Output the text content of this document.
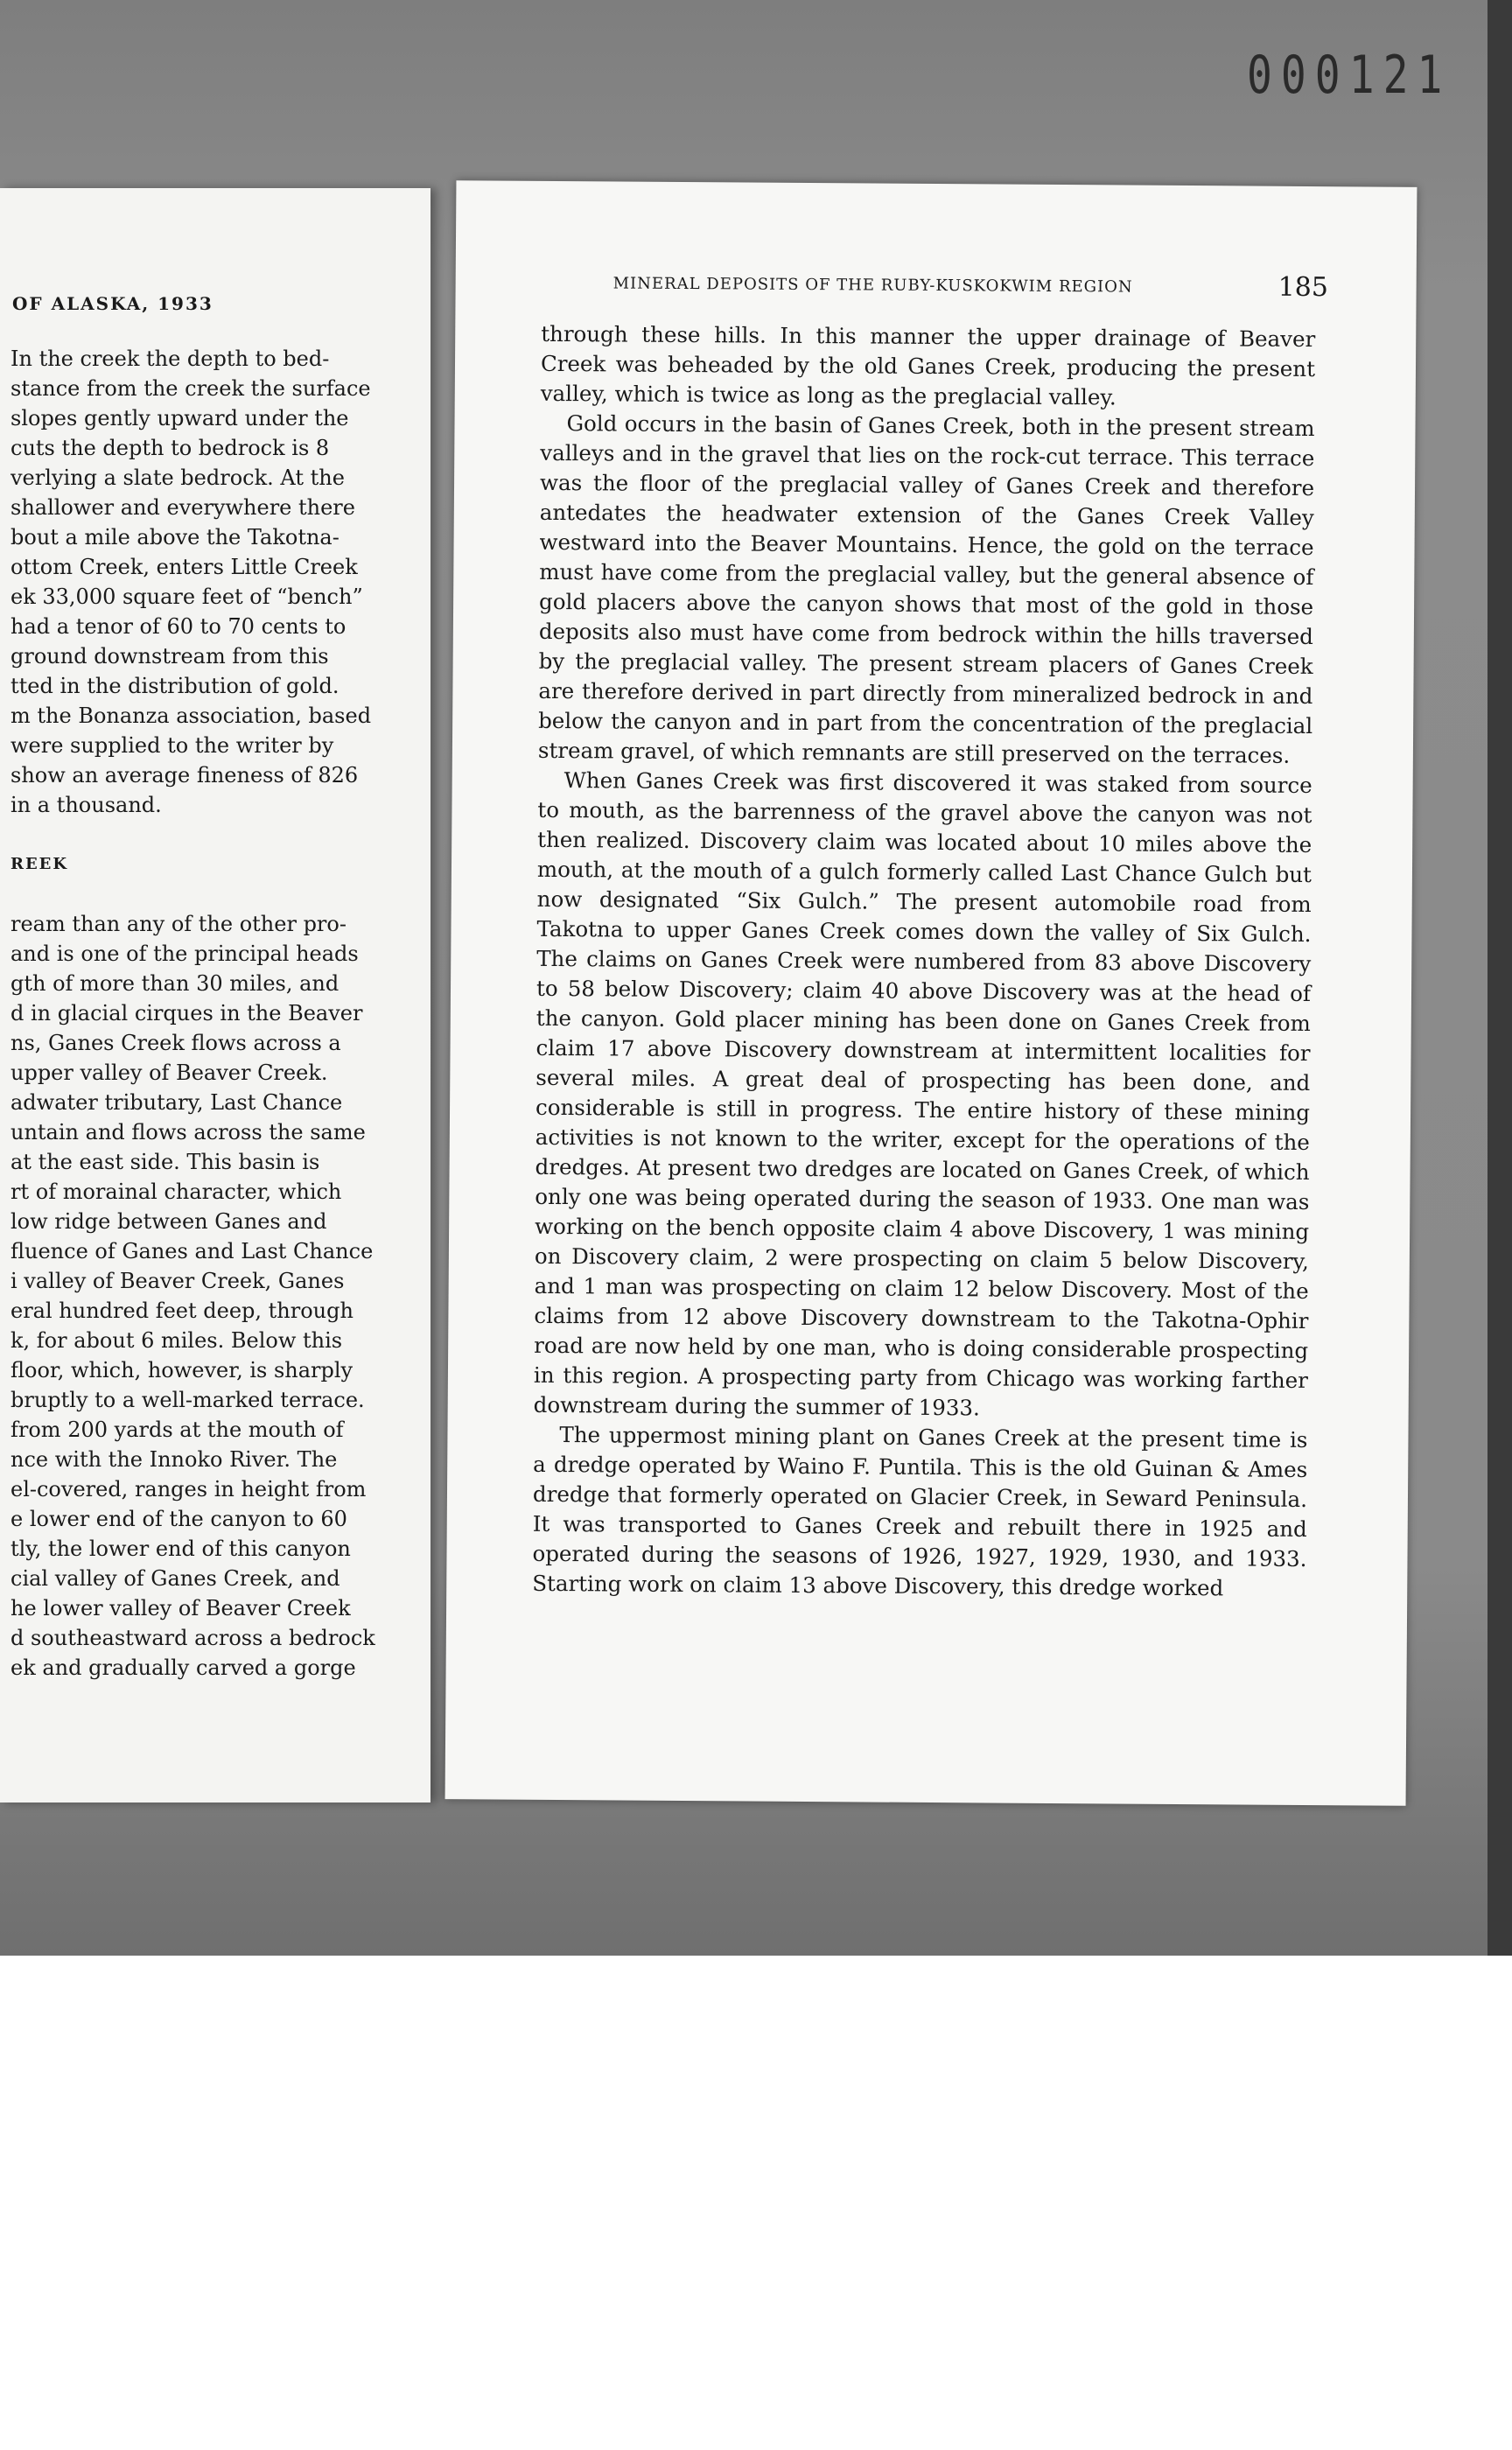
000121
OF ALASKA, 1933
In the creek the depth to bed-
stance from the creek the surface
slopes gently upward under the
cuts the depth to bedrock is 8
verlying a slate bedrock. At the
shallower and everywhere there
bout a mile above the Takotna-
ottom Creek, enters Little Creek
ek 33,000 square feet of “bench”
had a tenor of 60 to 70 cents to
ground downstream from this
tted in the distribution of gold.
m the Bonanza association, based
were supplied to the writer by
show an average fineness of 826
in a thousand.
REEK
ream than any of the other pro-
and is one of the principal heads
gth of more than 30 miles, and
d in glacial cirques in the Beaver
ns, Ganes Creek flows across a
upper valley of Beaver Creek.
adwater tributary, Last Chance
untain and flows across the same
at the east side. This basin is
rt of morainal character, which
low ridge between Ganes and
fluence of Ganes and Last Chance
i valley of Beaver Creek, Ganes
eral hundred feet deep, through
k, for about 6 miles. Below this
floor, which, however, is sharply
bruptly to a well-marked terrace.
from 200 yards at the mouth of
nce with the Innoko River. The
el-covered, ranges in height from
e lower end of the canyon to 60
tly, the lower end of this canyon
cial valley of Ganes Creek, and
he lower valley of Beaver Creek
d southeastward across a bedrock
ek and gradually carved a gorge
MINERAL DEPOSITS OF THE RUBY-KUSKOKWIM REGION	185

through these hills. In this manner the upper drainage of Beaver Creek was beheaded by the old Ganes Creek, producing the present valley, which is twice as long as the preglacial valley.

Gold occurs in the basin of Ganes Creek, both in the present stream valleys and in the gravel that lies on the rock-cut terrace. This terrace was the floor of the preglacial valley of Ganes Creek and therefore antedates the headwater extension of the Ganes Creek Valley westward into the Beaver Mountains. Hence, the gold on the terrace must have come from the preglacial valley, but the general absence of gold placers above the canyon shows that most of the gold in those deposits also must have come from bedrock within the hills traversed by the preglacial valley. The present stream placers of Ganes Creek are therefore derived in part directly from mineralized bedrock in and below the canyon and in part from the concentration of the preglacial stream gravel, of which remnants are still preserved on the terraces.

When Ganes Creek was first discovered it was staked from source to mouth, as the barrenness of the gravel above the canyon was not then realized. Discovery claim was located about 10 miles above the mouth, at the mouth of a gulch formerly called Last Chance Gulch but now designated “Six Gulch.” The present automobile road from Takotna to upper Ganes Creek comes down the valley of Six Gulch. The claims on Ganes Creek were numbered from 83 above Discovery to 58 below Discovery; claim 40 above Discovery was at the head of the canyon. Gold placer mining has been done on Ganes Creek from claim 17 above Discovery downstream at intermittent localities for several miles. A great deal of prospecting has been done, and considerable is still in progress. The entire history of these mining activities is not known to the writer, except for the operations of the dredges. At present two dredges are located on Ganes Creek, of which only one was being operated during the season of 1933. One man was working on the bench opposite claim 4 above Discovery, 1 was mining on Discovery claim, 2 were prospecting on claim 5 below Discovery, and 1 man was prospecting on claim 12 below Discovery. Most of the claims from 12 above Discovery downstream to the Takotna-Ophir road are now held by one man, who is doing considerable prospecting in this region. A prospecting party from Chicago was working farther downstream during the summer of 1933.

The uppermost mining plant on Ganes Creek at the present time is a dredge operated by Waino F. Puntila. This is the old Guinan & Ames dredge that formerly operated on Glacier Creek, in Seward Peninsula. It was transported to Ganes Creek and rebuilt there in 1925 and operated during the seasons of 1926, 1927, 1929, 1930, and 1933. Starting work on claim 13 above Discovery, this dredge worked
